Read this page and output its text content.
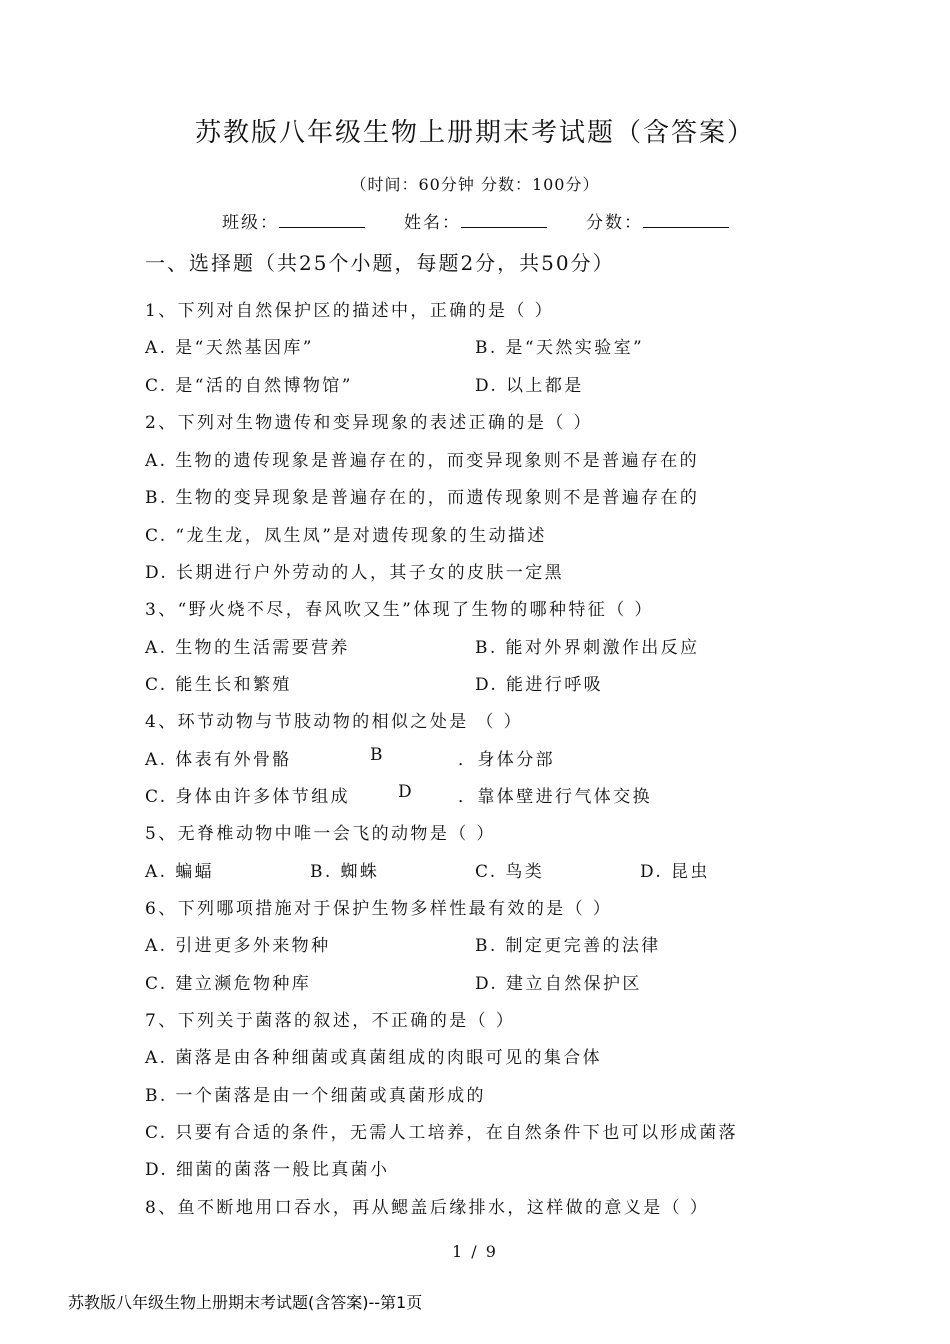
苏教版八年级生物上册期末考试题（含答案）
（时间：60分钟 分数：100分）
班级：	姓名：	分数：
一、选择题（共25个小题，每题2分，共50分）
1、下列对自然保护区的描述中，正确的是（ ）
A. 是“天然基因库”	B. 是“天然实验室”
C. 是“活的自然博物馆”	D. 以上都是
2、下列对生物遗传和变异现象的表述正确的是（ ）
A. 生物的遗传现象是普遍存在的，而变异现象则不是普遍存在的
B. 生物的变异现象是普遍存在的，而遗传现象则不是普遍存在的
C. “龙生龙，凤生凤”是对遗传现象的生动描述
D. 长期进行户外劳动的人，其子女的皮肤一定黑
3、“野火烧不尽，春风吹又生”体现了生物的哪种特征（ ）
A. 生物的生活需要营养	B. 能对外界刺激作出反应
C. 能生长和繁殖	D. 能进行呼吸
4、环节动物与节肢动物的相似之处是 （ ）
A. 体表有外骨骼	B	．身体分部
C. 身体由许多体节组成	D	．靠体壁进行气体交换
5、无脊椎动物中唯一会飞的动物是（ ）
A. 蝙蝠	B. 蜘蛛	C. 鸟类	D. 昆虫
6、下列哪项措施对于保护生物多样性最有效的是（ ）
A. 引进更多外来物种	B. 制定更完善的法律
C. 建立濒危物种库	D. 建立自然保护区
7、下列关于菌落的叙述，不正确的是（ ）
A. 菌落是由各种细菌或真菌组成的肉眼可见的集合体
B. 一个菌落是由一个细菌或真菌形成的
C. 只要有合适的条件，无需人工培养，在自然条件下也可以形成菌落
D. 细菌的菌落一般比真菌小
8、鱼不断地用口吞水，再从鳃盖后缘排水，这样做的意义是（ ）
1 / 9
苏教版八年级生物上册期末考试题(含答案)--第1页
